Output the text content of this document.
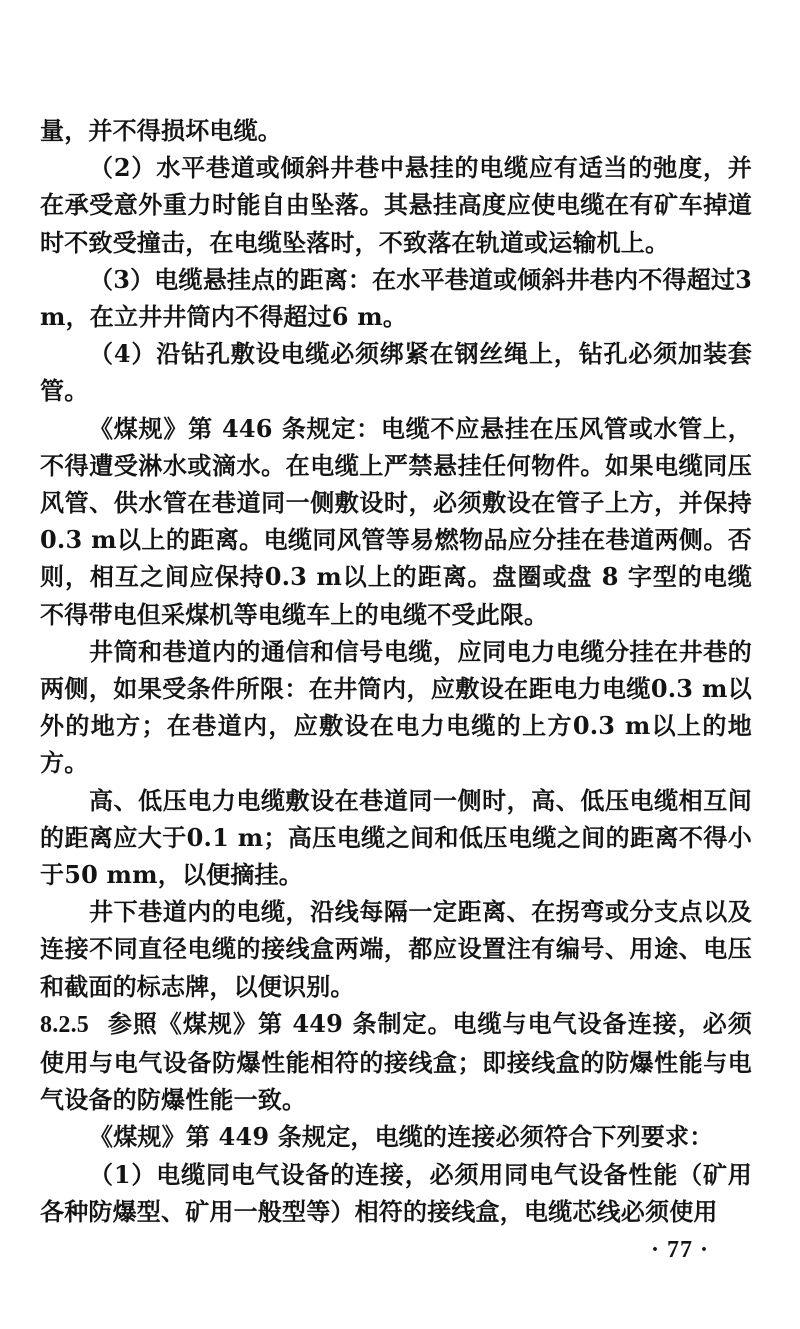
量，并不得损坏电缆。

（2）水平巷道或倾斜井巷中悬挂的电缆应有适当的弛度，并在承受意外重力时能自由坠落。其悬挂高度应使电缆在有矿车掉道时不致受撞击，在电缆坠落时，不致落在轨道或运输机上。

（3）电缆悬挂点的距离：在水平巷道或倾斜井巷内不得超过3 m，在立井井筒内不得超过6 m。

（4）沿钻孔敷设电缆必须绑紧在钢丝绳上，钻孔必须加装套管。

《煤规》第 446 条规定：电缆不应悬挂在压风管或水管上，不得遭受淋水或滴水。在电缆上严禁悬挂任何物件。如果电缆同压风管、供水管在巷道同一侧敷设时，必须敷设在管子上方，并保持0.3 m以上的距离。电缆同风管等易燃物品应分挂在巷道两侧。否则，相互之间应保持0.3 m以上的距离。盘圈或盘 8 字型的电缆不得带电但采煤机等电缆车上的电缆不受此限。

井筒和巷道内的通信和信号电缆，应同电力电缆分挂在井巷的两侧，如果受条件所限：在井筒内，应敷设在距电力电缆0.3 m以外的地方；在巷道内，应敷设在电力电缆的上方0.3 m以上的地方。

高、低压电力电缆敷设在巷道同一侧时，高、低压电缆相互间的距离应大于0.1 m；高压电缆之间和低压电缆之间的距离不得小于50 mm，以便摘挂。

井下巷道内的电缆，沿线每隔一定距离、在拐弯或分支点以及连接不同直径电缆的接线盒两端，都应设置注有编号、用途、电压和截面的标志牌，以便识别。

8.2.5 参照《煤规》第 449 条制定。电缆与电气设备连接，必须使用与电气设备防爆性能相符的接线盒；即接线盒的防爆性能与电气设备的防爆性能一致。

《煤规》第 449 条规定，电缆的连接必须符合下列要求：

（1）电缆同电气设备的连接，必须用同电气设备性能（矿用各种防爆型、矿用一般型等）相符的接线盒，电缆芯线必须使用

· 77 ·
